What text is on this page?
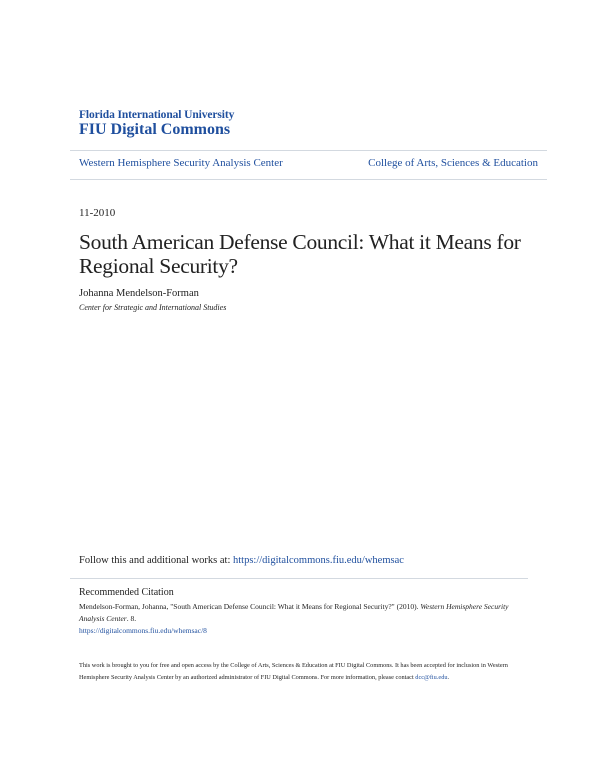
Florida International University
FIU Digital Commons
Western Hemisphere Security Analysis Center	College of Arts, Sciences & Education
11-2010
South American Defense Council: What it Means for Regional Security?
Johanna Mendelson-Forman
Center for Strategic and International Studies
Follow this and additional works at: https://digitalcommons.fiu.edu/whemsac
Recommended Citation
Mendelson-Forman, Johanna, "South American Defense Council: What it Means for Regional Security?" (2010). Western Hemisphere Security Analysis Center. 8.
https://digitalcommons.fiu.edu/whemsac/8
This work is brought to you for free and open access by the College of Arts, Sciences & Education at FIU Digital Commons. It has been accepted for inclusion in Western Hemisphere Security Analysis Center by an authorized administrator of FIU Digital Commons. For more information, please contact dcc@fiu.edu.
